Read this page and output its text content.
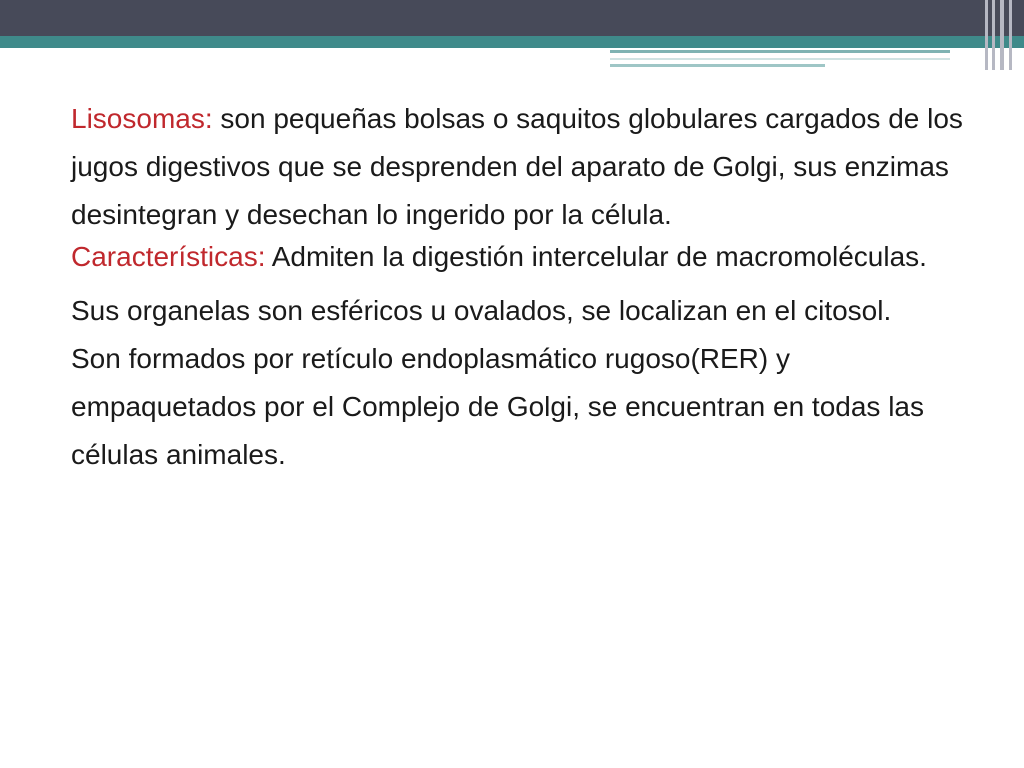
Lisosomas: son pequeñas bolsas o saquitos globulares cargados de los jugos digestivos que se desprenden del aparato de Golgi, sus enzimas desintegran y desechan lo ingerido por la célula.

Características: Admiten la digestión intercelular de macromoléculas.

Sus organelas son esféricos u ovalados, se localizan en el citosol.

Son formados por retículo endoplasmático rugoso(RER) y empaquetados por el Complejo de Golgi, se encuentran en todas las células animales.
